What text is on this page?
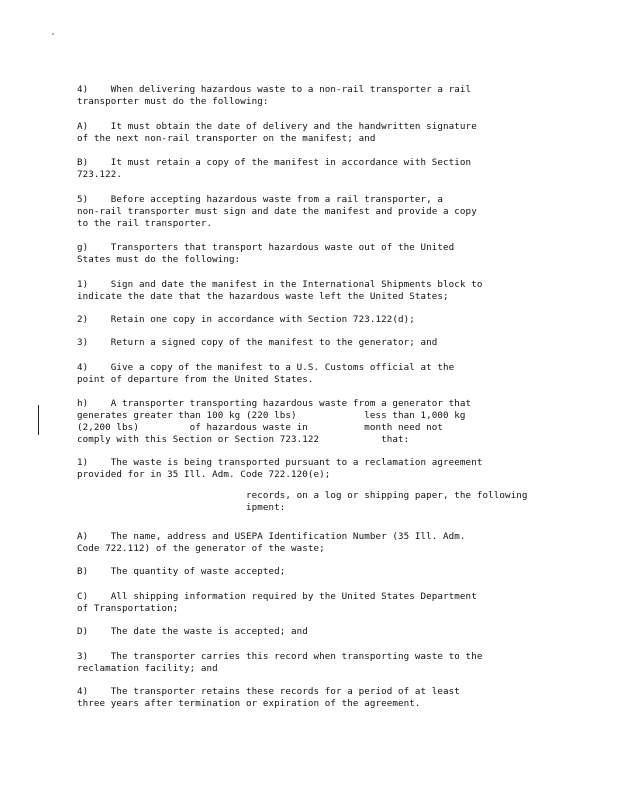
4)    When delivering hazardous waste to a non-rail transporter a rail
transporter must do the following:
A)    It must obtain the date of delivery and the handwritten signature
of the next non-rail transporter on the manifest; and
B)    It must retain a copy of the manifest in accordance with Section
723.122.
5)    Before accepting hazardous waste from a rail transporter, a
non-rail transporter must sign and date the manifest and provide a copy
to the rail transporter.
g)    Transporters that transport hazardous waste out of the United
States must do the following:
1)    Sign and date the manifest in the International Shipments block to
indicate the date that the hazardous waste left the United States;
2)    Retain one copy in accordance with Section 723.122(d);
3)    Return a signed copy of the manifest to the generator; and
4)    Give a copy of the manifest to a U.S. Customs official at the
point of departure from the United States.
h)    A transporter transporting hazardous waste from a generator that
generates greater than 100 kg (220 lbs)            less than 1,000 kg
(2,200 lbs)         of hazardous waste in          month need not
comply with this Section or Section 723.122           that:
1)    The waste is being transported pursuant to a reclamation agreement
provided for in 35 Ill. Adm. Code 722.120(e);
records, on a log or shipping paper, the following
ipment:
A)    The name, address and USEPA Identification Number (35 Ill. Adm.
Code 722.112) of the generator of the waste;
B)    The quantity of waste accepted;
C)    All shipping information required by the United States Department
of Transportation;
D)    The date the waste is accepted; and
3)    The transporter carries this record when transporting waste to the
reclamation facility; and
4)    The transporter retains these records for a period of at least
three years after termination or expiration of the agreement.
